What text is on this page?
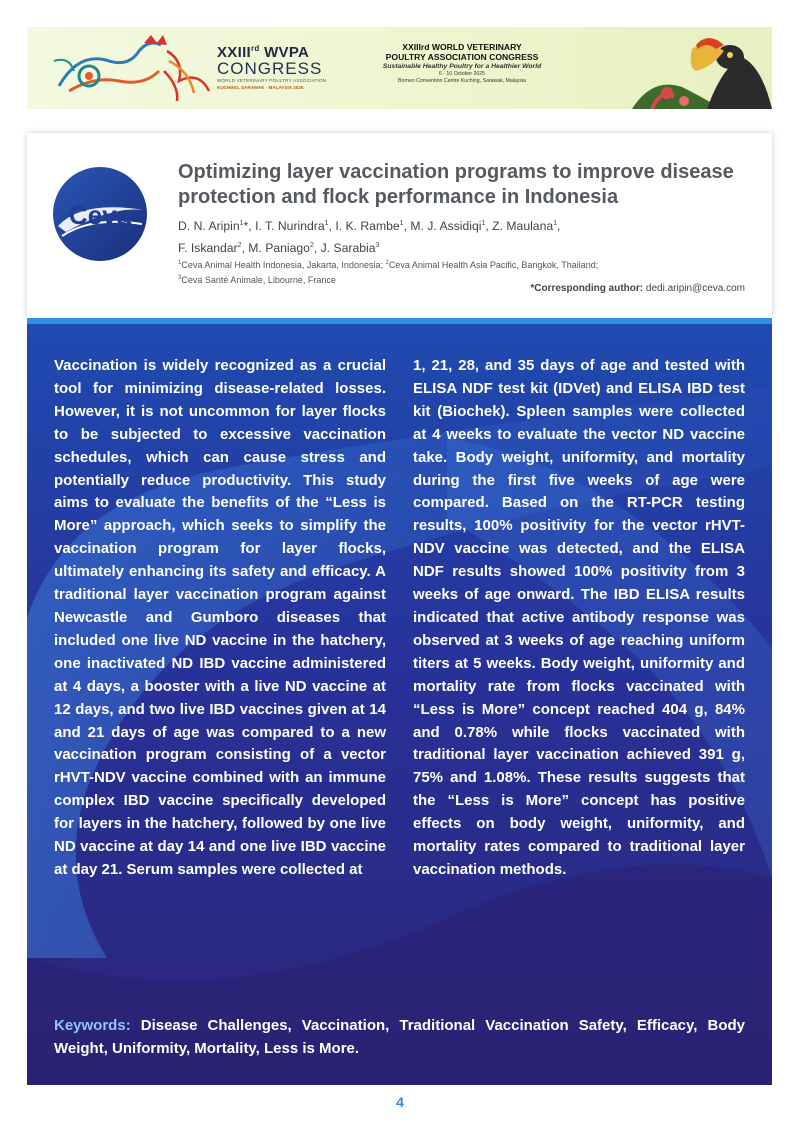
XXIIIrd WVPA
CONGRESS
WORLD VETERINARY POULTRY ASSOCIATION
KUCHING, SARAWAK · MALAYSIA 2025
XXIIIrd WORLD VETERINARY
POULTRY ASSOCIATION CONGRESS
Sustainable Healthy Poultry for a Healthier World
6 - 10 October 2025
Borneo Convention Centre Kuching, Sarawak, Malaysia
Ceva
Optimizing layer vaccination programs to improve disease protection and flock performance in Indonesia
D. N. Aripin$^1$*, I. T. Nurindra$^1$, I. K. Rambe$^1$, M. J. Assidiqi$^1$, Z. Maulana$^1$,
F. Iskandar$^2$, M. Paniago$^2$, J. Sarabia$^3$
$^1$Ceva Animal Health Indonesia, Jakarta, Indonesia; $^2$Ceva Animal Health Asia Pacific, Bangkok, Thailand;
$^3$Ceva Santé Animale, Libourne, France
*Corresponding author: dedi.aripin@ceva.com
Vaccination is widely recognized as a crucial tool for minimizing disease-related losses. However, it is not uncommon for layer flocks to be subjected to excessive vaccination schedules, which can cause stress and potentially reduce productivity. This study aims to evaluate the benefits of the “Less is More” approach, which seeks to simplify the vaccination program for layer flocks, ultimately enhancing its safety and efficacy. A traditional layer vaccination program against Newcastle and Gumboro diseases that included one live ND vaccine in the hatchery, one inactivated ND IBD vaccine administered at 4 days, a booster with a live ND vaccine at 12 days, and two live IBD vaccines given at 14 and 21 days of age was compared to a new vaccination program consisting of a vector rHVT-NDV vaccine combined with an immune complex IBD vaccine specifically developed for layers in the hatchery, followed by one live ND vaccine at day 14 and one live IBD vaccine at day 21. Serum samples were collected at
1, 21, 28, and 35 days of age and tested with ELISA NDF test kit (IDVet) and ELISA IBD test kit (Biochek). Spleen samples were collected at 4 weeks to evaluate the vector ND vaccine take. Body weight, uniformity, and mortality during the first five weeks of age were compared. Based on the RT-PCR testing results, 100% positivity for the vector rHVT-NDV vaccine was detected, and the ELISA NDF results showed 100% positivity from 3 weeks of age onward. The IBD ELISA results indicated that active antibody response was observed at 3 weeks of age reaching uniform titers at 5 weeks. Body weight, uniformity and mortality rate from flocks vaccinated with “Less is More” concept reached 404 g, 84% and 0.78% while flocks vaccinated with traditional layer vaccination achieved 391 g, 75% and 1.08%. These results suggests that the “Less is More” concept has positive effects on body weight, uniformity, and mortality rates compared to traditional layer vaccination methods.
Keywords: Disease Challenges, Vaccination, Traditional Vaccination Safety, Efficacy, Body Weight, Uniformity, Mortality, Less is More.
4
